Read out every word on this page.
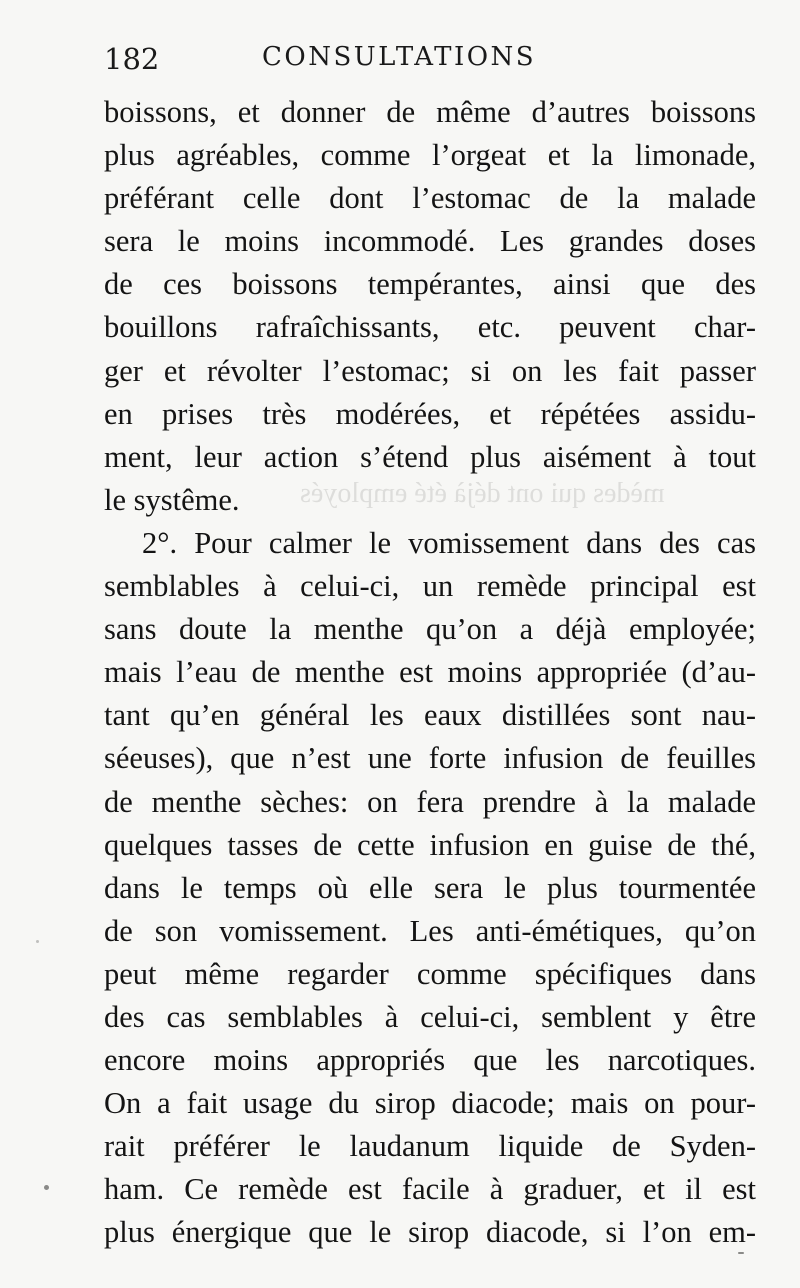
mèdes qui ont déjà été employés
182	CONSULTATIONS
boissons, et donner de même d’autres boissons
plus agréables, comme l’orgeat et la limonade,
préférant celle dont l’estomac de la malade
sera le moins incommodé. Les grandes doses
de ces boissons tempérantes, ainsi que des
bouillons rafraîchissants, etc. peuvent char-
ger et révolter l’estomac; si on les fait passer
en prises très modérées, et répétées assidu-
ment, leur action s’étend plus aisément à tout
le systême.
2°. Pour calmer le vomissement dans des cas
semblables à celui-ci, un remède principal est
sans doute la menthe qu’on a déjà employée;
mais l’eau de menthe est moins appropriée (d’au-
tant qu’en général les eaux distillées sont nau-
séeuses), que n’est une forte infusion de feuilles
de menthe sèches: on fera prendre à la malade
quelques tasses de cette infusion en guise de thé,
dans le temps où elle sera le plus tourmentée
de son vomissement. Les anti-émétiques, qu’on
peut même regarder comme spécifiques dans
des cas semblables à celui-ci, semblent y être
encore moins appropriés que les narcotiques.
On a fait usage du sirop diacode; mais on pour-
rait préférer le laudanum liquide de Syden-
ham. Ce remède est facile à graduer, et il est
plus énergique que le sirop diacode, si l’on em-
